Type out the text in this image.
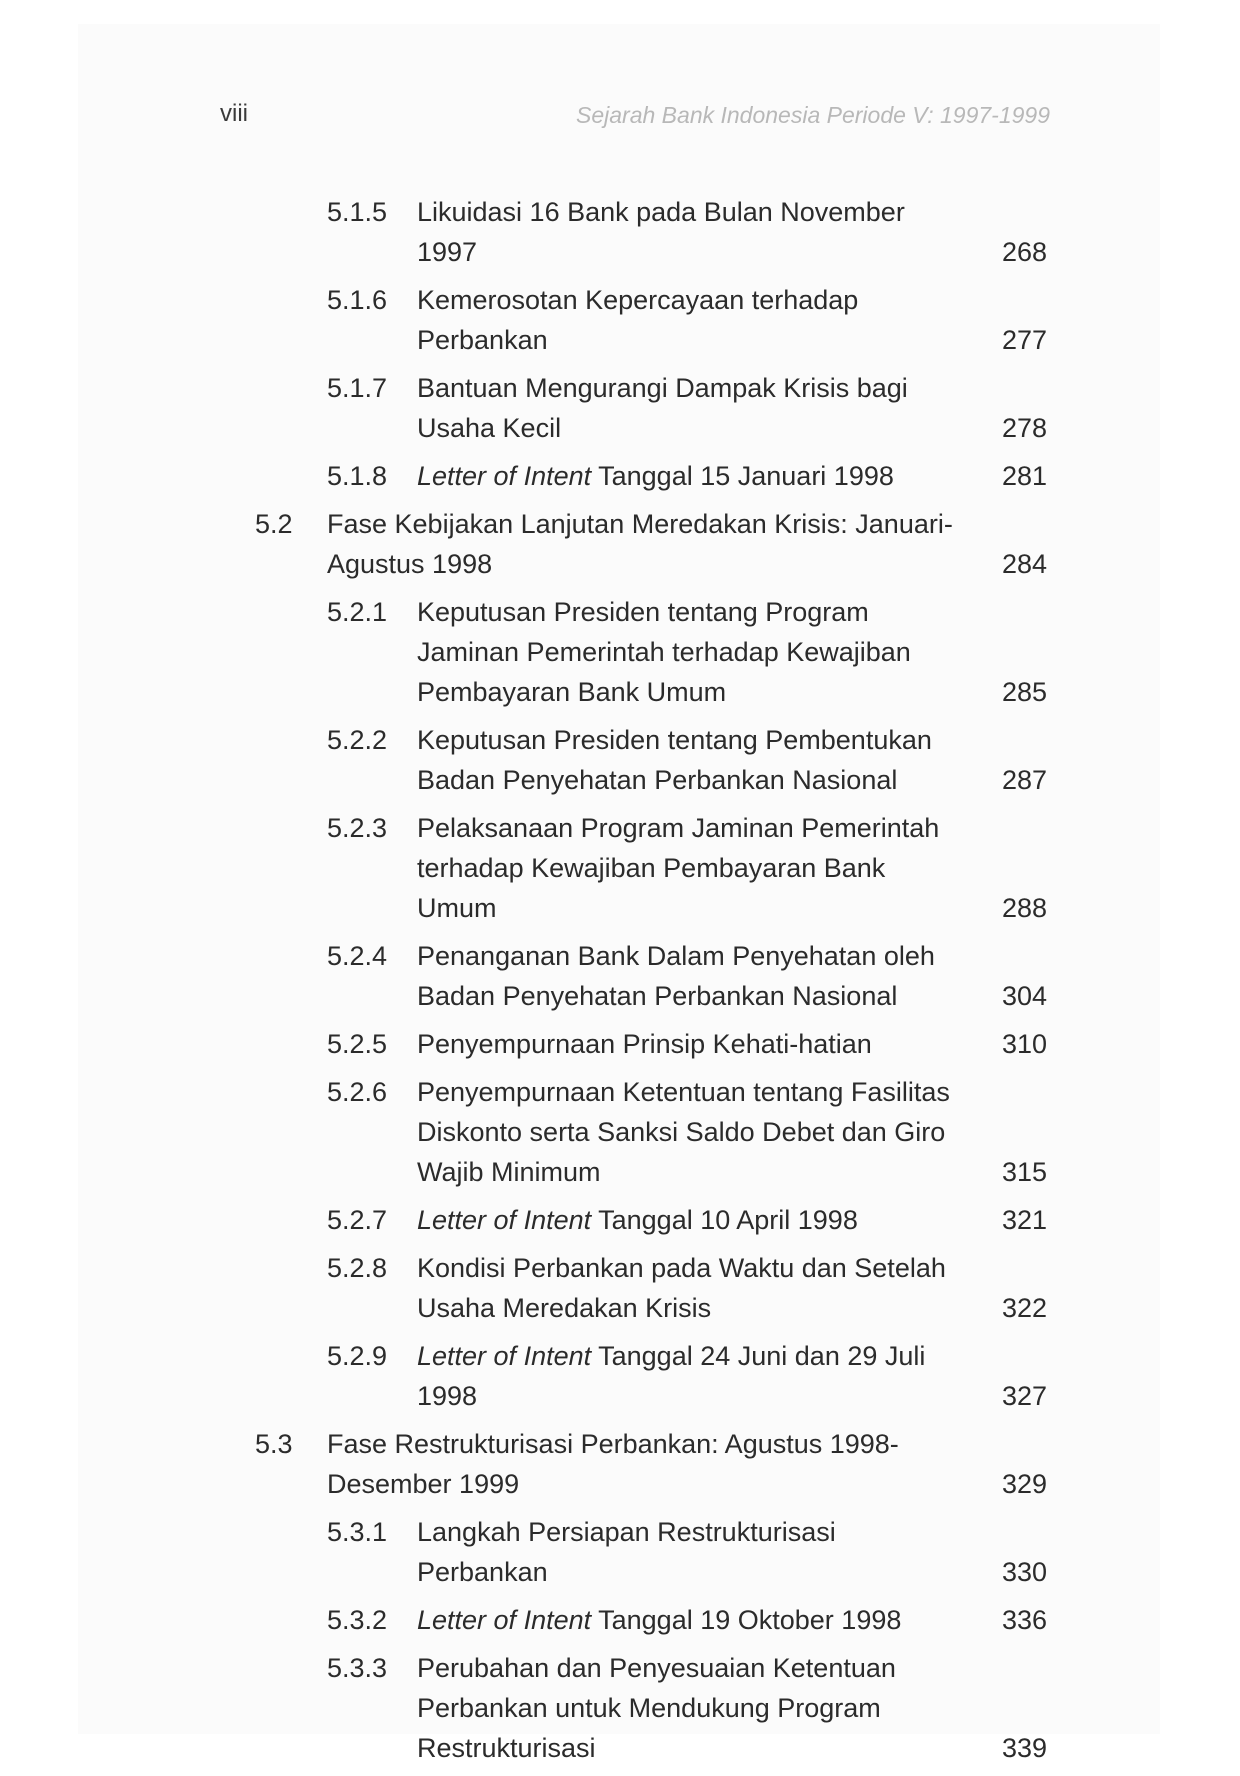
viii	Sejarah Bank Indonesia Periode V: 1997-1999
5.1.5 Likuidasi 16 Bank pada Bulan November 1997	268
5.1.6 Kemerosotan Kepercayaan terhadap Perbankan	277
5.1.7 Bantuan Mengurangi Dampak Krisis bagi Usaha Kecil	278
5.1.8 Letter of Intent Tanggal 15 Januari 1998	281
5.2 Fase Kebijakan Lanjutan Meredakan Krisis: Januari-Agustus 1998	284
5.2.1 Keputusan Presiden tentang Program Jaminan Pemerintah terhadap Kewajiban Pembayaran Bank Umum	285
5.2.2 Keputusan Presiden tentang Pembentukan Badan Penyehatan Perbankan Nasional	287
5.2.3 Pelaksanaan Program Jaminan Pemerintah terhadap Kewajiban Pembayaran Bank Umum	288
5.2.4 Penanganan Bank Dalam Penyehatan oleh Badan Penyehatan Perbankan Nasional	304
5.2.5 Penyempurnaan Prinsip Kehati-hatian	310
5.2.6 Penyempurnaan Ketentuan tentang Fasilitas Diskonto serta Sanksi Saldo Debet dan Giro Wajib Minimum	315
5.2.7 Letter of Intent Tanggal 10 April 1998	321
5.2.8 Kondisi Perbankan pada Waktu dan Setelah Usaha Meredakan Krisis	322
5.2.9 Letter of Intent Tanggal 24 Juni dan 29 Juli 1998	327
5.3 Fase Restrukturisasi Perbankan: Agustus 1998-Desember 1999	329
5.3.1 Langkah Persiapan Restrukturisasi Perbankan	330
5.3.2 Letter of Intent Tanggal 19 Oktober 1998	336
5.3.3 Perubahan dan Penyesuaian Ketentuan Perbankan untuk Mendukung Program Restrukturisasi	339
